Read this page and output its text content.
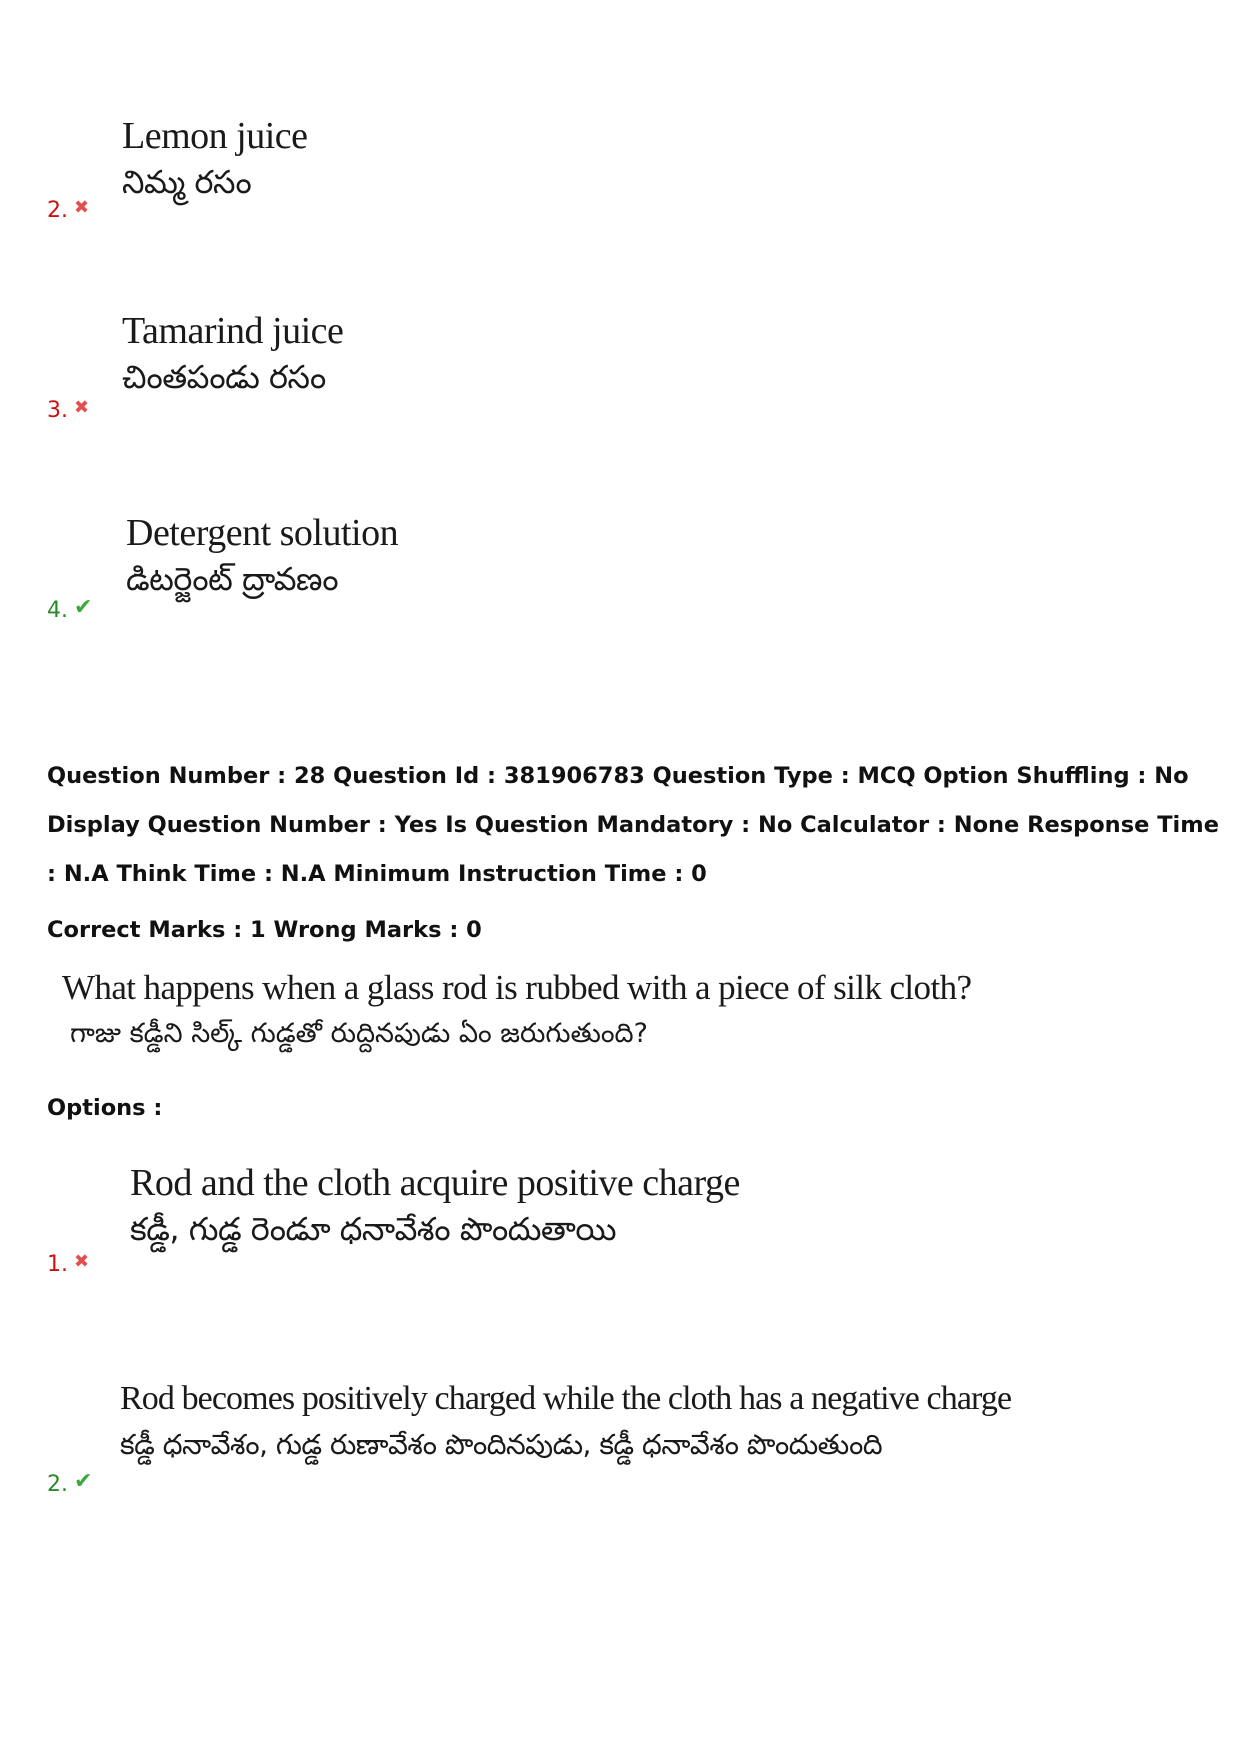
Lemon juice
నిమ్మ రసం
2. ✖
Tamarind juice
చింతపండు రసం
3. ✖
Detergent solution
డిటర్జెంట్ ద్రావణం
4. ✔
Question Number : 28 Question Id : 381906783 Question Type : MCQ Option Shuffling : No
Display Question Number : Yes Is Question Mandatory : No Calculator : None Response Time
: N.A Think Time : N.A Minimum Instruction Time : 0
Correct Marks : 1 Wrong Marks : 0
What happens when a glass rod is rubbed with a piece of silk cloth?
గాజు కడ్డీని సిల్క్ గుడ్డతో రుద్దినపుడు ఏం జరుగుతుంది?
Options :
Rod and the cloth acquire positive charge
కడ్డీ, గుడ్డ రెండూ ధనావేశం పొందుతాయి
1. ✖
Rod becomes positively charged while the cloth has a negative charge
కడ్డీ ధనావేశం, గుడ్డ రుణావేశం పొందినపుడు, కడ్డీ ధనావేశం పొందుతుంది
2. ✔
